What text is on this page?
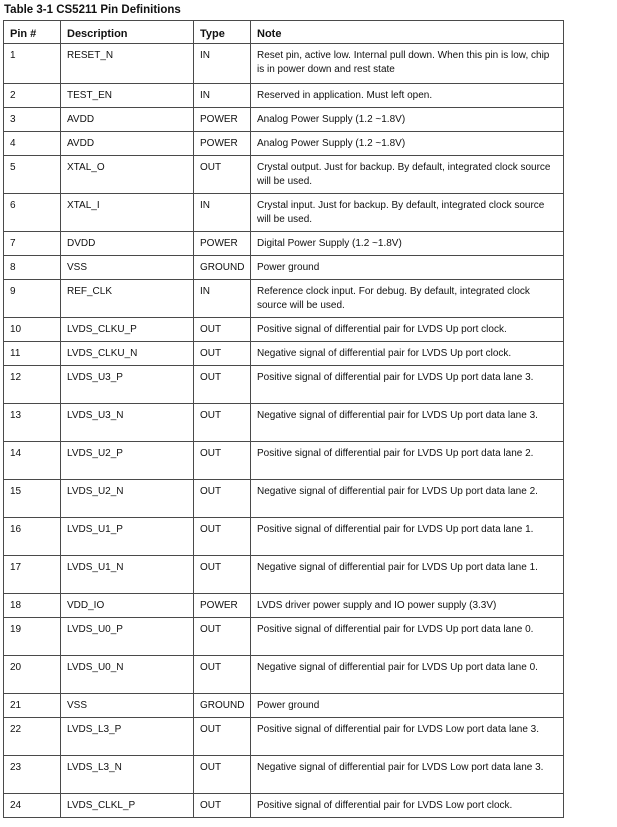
Table 3-1 CS5211 Pin Definitions
Pin #	Description	Type	Note
1	RESET_N	IN	Reset pin, active low. Internal pull down. When this pin is low, chip is in power down and rest state
2	TEST_EN	IN	Reserved in application. Must left open.
3	AVDD	POWER	Analog Power Supply (1.2 ~1.8V)
4	AVDD	POWER	Analog Power Supply (1.2 ~1.8V)
5	XTAL_O	OUT	Crystal output. Just for backup. By default, integrated clock source will be used.
6	XTAL_I	IN	Crystal input. Just for backup. By default, integrated clock source will be used.
7	DVDD	POWER	Digital Power Supply (1.2 ~1.8V)
8	VSS	GROUND	Power ground
9	REF_CLK	IN	Reference clock input. For debug. By default, integrated clock source will be used.
10	LVDS_CLKU_P	OUT	Positive signal of differential pair for LVDS Up port clock.
11	LVDS_CLKU_N	OUT	Negative signal of differential pair for LVDS Up port clock.
12	LVDS_U3_P	OUT	Positive signal of differential pair for LVDS Up port data lane 3.
13	LVDS_U3_N	OUT	Negative signal of differential pair for LVDS Up port data lane 3.
14	LVDS_U2_P	OUT	Positive signal of differential pair for LVDS Up port data lane 2.
15	LVDS_U2_N	OUT	Negative signal of differential pair for LVDS Up port data lane 2.
16	LVDS_U1_P	OUT	Positive signal of differential pair for LVDS Up port data lane 1.
17	LVDS_U1_N	OUT	Negative signal of differential pair for LVDS Up port data lane 1.
18	VDD_IO	POWER	LVDS driver power supply and IO power supply (3.3V)
19	LVDS_U0_P	OUT	Positive signal of differential pair for LVDS Up port data lane 0.
20	LVDS_U0_N	OUT	Negative signal of differential pair for LVDS Up port data lane 0.
21	VSS	GROUND	Power ground
22	LVDS_L3_P	OUT	Positive signal of differential pair for LVDS Low port data lane 3.
23	LVDS_L3_N	OUT	Negative signal of differential pair for LVDS Low port data lane 3.
24	LVDS_CLKL_P	OUT	Positive signal of differential pair for LVDS Low port clock.
